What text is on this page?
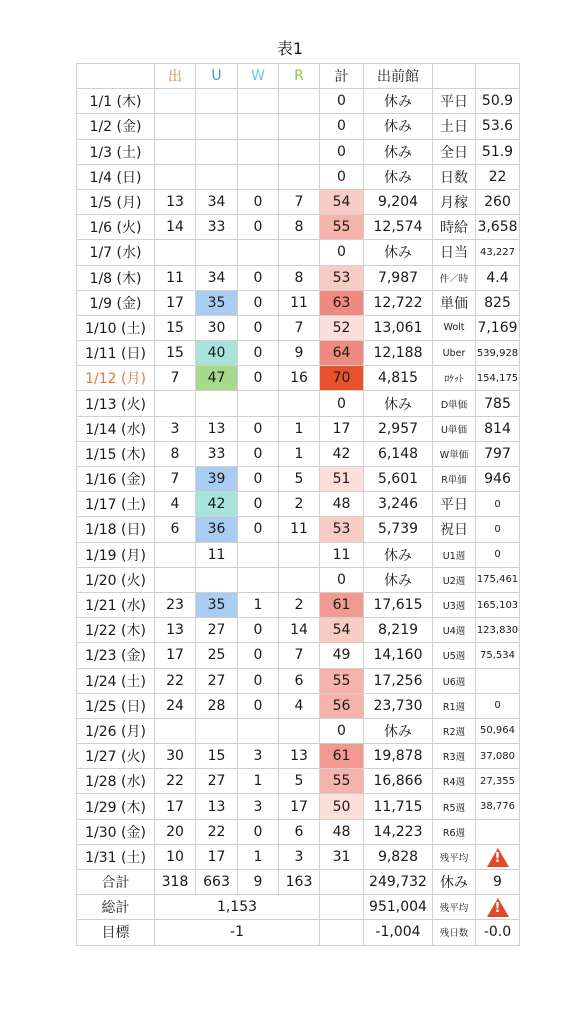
表1
	出	U	W	R	計	出前館		
1/1 (木)					0	休み	平日	50.9
1/2 (金)					0	休み	土日	53.6
1/3 (土)					0	休み	全日	51.9
1/4 (日)					0	休み	日数	22
1/5 (月)	13	34	0	7	54	9,204	月稼	260
1/6 (火)	14	33	0	8	55	12,574	時給	3,658
1/7 (水)					0	休み	日当	43,227
1/8 (木)	11	34	0	8	53	7,987	件／時	4.4
1/9 (金)	17	35	0	11	63	12,722	単価	825
1/10 (土)	15	30	0	7	52	13,061	Wolt	7,169
1/11 (日)	15	40	0	9	64	12,188	Uber	539,928
1/12 (月)	7	47	0	16	70	4,815	ﾛｹｯﾄ	154,175
1/13 (火)					0	休み	D単価	785
1/14 (水)	3	13	0	1	17	2,957	U単価	814
1/15 (木)	8	33	0	1	42	6,148	W単価	797
1/16 (金)	7	39	0	5	51	5,601	R単価	946
1/17 (土)	4	42	0	2	48	3,246	平日	0
1/18 (日)	6	36	0	11	53	5,739	祝日	0
1/19 (月)		11			11	休み	U1週	0
1/20 (火)					0	休み	U2週	175,461
1/21 (水)	23	35	1	2	61	17,615	U3週	165,103
1/22 (木)	13	27	0	14	54	8,219	U4週	123,830
1/23 (金)	17	25	0	7	49	14,160	U5週	75,534
1/24 (土)	22	27	0	6	55	17,256	U6週	
1/25 (日)	24	28	0	4	56	23,730	R1週	0
1/26 (月)					0	休み	R2週	50,964
1/27 (火)	30	15	3	13	61	19,878	R3週	37,080
1/28 (水)	22	27	1	5	55	16,866	R4週	27,355
1/29 (木)	17	13	3	17	50	11,715	R5週	38,776
1/30 (金)	20	22	0	6	48	14,223	R6週	
1/31 (土)	10	17	1	3	31	9,828	残平均	!
合計	318	663	9	163		249,732	休み	9
総計	1,153					951,004	残平均	!
目標	-1					-1,004	残日数	-0.0
